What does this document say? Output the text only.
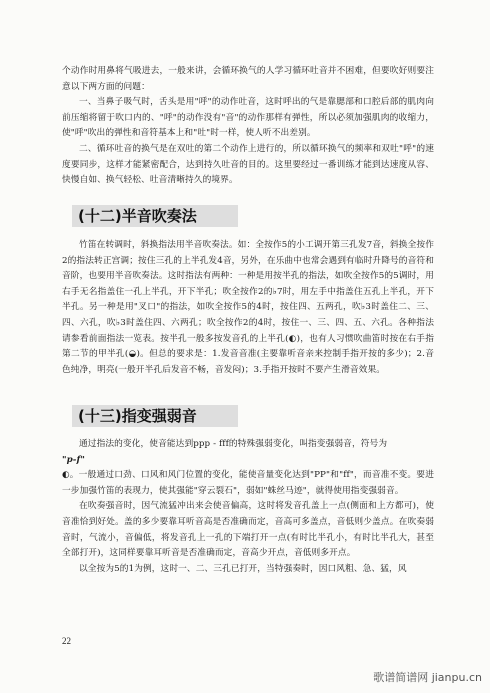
个动作时用鼻将气吸进去，一般来讲，会循环换气的人学习循环吐音并不困难，但要吹好则要注意以下两方面的问题：

一、当鼻子吸气时，舌头是用"呼"的动作吐音，这时呼出的气是靠腮部和口腔后部的肌肉向前压缩将留于吹口内的、"呼"的动作没有"音"的动作那样有弹性，所以必须加强肌肉的收缩力，使"呼"吹出的弹性和音符基本上和"吐"时一样，使人听不出差别。

二、循环吐音的换气是在双吐的第二个动作上进行的，所以循环换气的频率和双吐"呼"的速度要同步，这样才能紧密配合，达到持久吐音的目的。这里要经过一番训练才能到达速度从容、快慢自如、换气轻松、吐音清晰持久的境界。

(十二)半音吹奏法

竹笛在转调时，斜换指法用半音吹奏法。如：全按作5的小工调开第三孔发7音，斜换全按作2的指法转正宫调；按住三孔的上半孔发4音，另外，在乐曲中也常会遇到有临时升降号的音符和音阶，也要用半音吹奏法。这时指法有两种：一种是用按半孔的指法，如吹全按作5的5调时，用右手无名指盖住一孔上半孔，开下半孔；吹全按作2的♭7时，用左手中指盖住五孔上半孔，开下半孔。另一种是用"叉口"的指法，如吹全按作5的4时，按住四、五两孔，吹♭3时盖住二、三、四、六孔，吹♭3时盖住四、六两孔；吹全按作2的4时，按住一、三、四、五、六孔。各种指法请参看前面指法一览表。按半孔一般多按发音孔的上半孔(◐)，也有人习惯吹曲笛时按在右手指第二节的甲半孔(◒)。但总的要求是：1.发音音准(主要靠听音亲来控制手指开按的多少)；2.音色纯净，明亮(一般开半孔后发音不畅，音发闷)；3.手指开按时不要产生滑音效果。

(十三)指变强弱音

通过指法的变化，使音能达到ppp - fff的特殊强弱变化，叫指变强弱音，符号为

"p-f"

◐。一般通过口劲、口风和风门位置的变化，能使音量变化达到"PP"和"ff"，而音准不变。要进一步加强竹笛的表现力，使其强能"穿云裂石"，弱如"蛛丝马迹"，就得使用指变强弱音。

在吹奏强音时，因气流猛冲出来会使音偏高，这时将发音孔盖上一点(侧面和上方都可)，使音准恰到好处。盖的多少要靠耳听音高是否准确而定，音高可多盖点，音低则少盖点。在吹奏弱音时，气流小，音偏低，将发音孔上一孔的下端打开一点(有时比半孔小，有时比半孔大，甚至全部打开)，这同样要靠耳听音是否准确而定，音高少开点，音低则多开点。

以全按为5的1为例，这时一、二、三孔已打开，当特强奏时，因口风粗、急、猛，风

22
歌谱简谱网 jianpu.cn
